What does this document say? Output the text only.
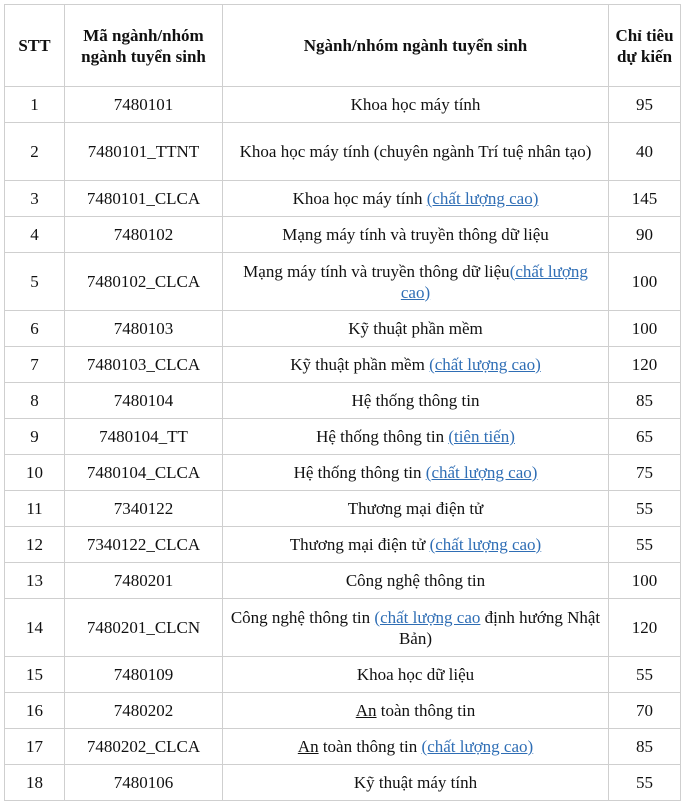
STT	Mã ngành/nhóm ngành tuyển sinh	Ngành/nhóm ngành tuyển sinh	Chỉ tiêu dự kiến
1	7480101	Khoa học máy tính	95
2	7480101_TTNT	Khoa học máy tính (chuyên ngành Trí tuệ nhân tạo)	40
3	7480101_CLCA	Khoa học máy tính (chất lượng cao)	145
4	7480102	Mạng máy tính và truyền thông dữ liệu	90
5	7480102_CLCA	Mạng máy tính và truyền thông dữ liệu(chất lượng cao)	100
6	7480103	Kỹ thuật phần mềm	100
7	7480103_CLCA	Kỹ thuật phần mềm (chất lượng cao)	120
8	7480104	Hệ thống thông tin	85
9	7480104_TT	Hệ thống thông tin (tiên tiến)	65
10	7480104_CLCA	Hệ thống thông tin (chất lượng cao)	75
11	7340122	Thương mại điện tử	55
12	7340122_CLCA	Thương mại điện tử (chất lượng cao)	55
13	7480201	Công nghệ thông tin	100
14	7480201_CLCN	Công nghệ thông tin (chất lượng cao định hướng Nhật Bản)	120
15	7480109	Khoa học dữ liệu	55
16	7480202	An toàn thông tin	70
17	7480202_CLCA	An toàn thông tin (chất lượng cao)	85
18	7480106	Kỹ thuật máy tính	55
